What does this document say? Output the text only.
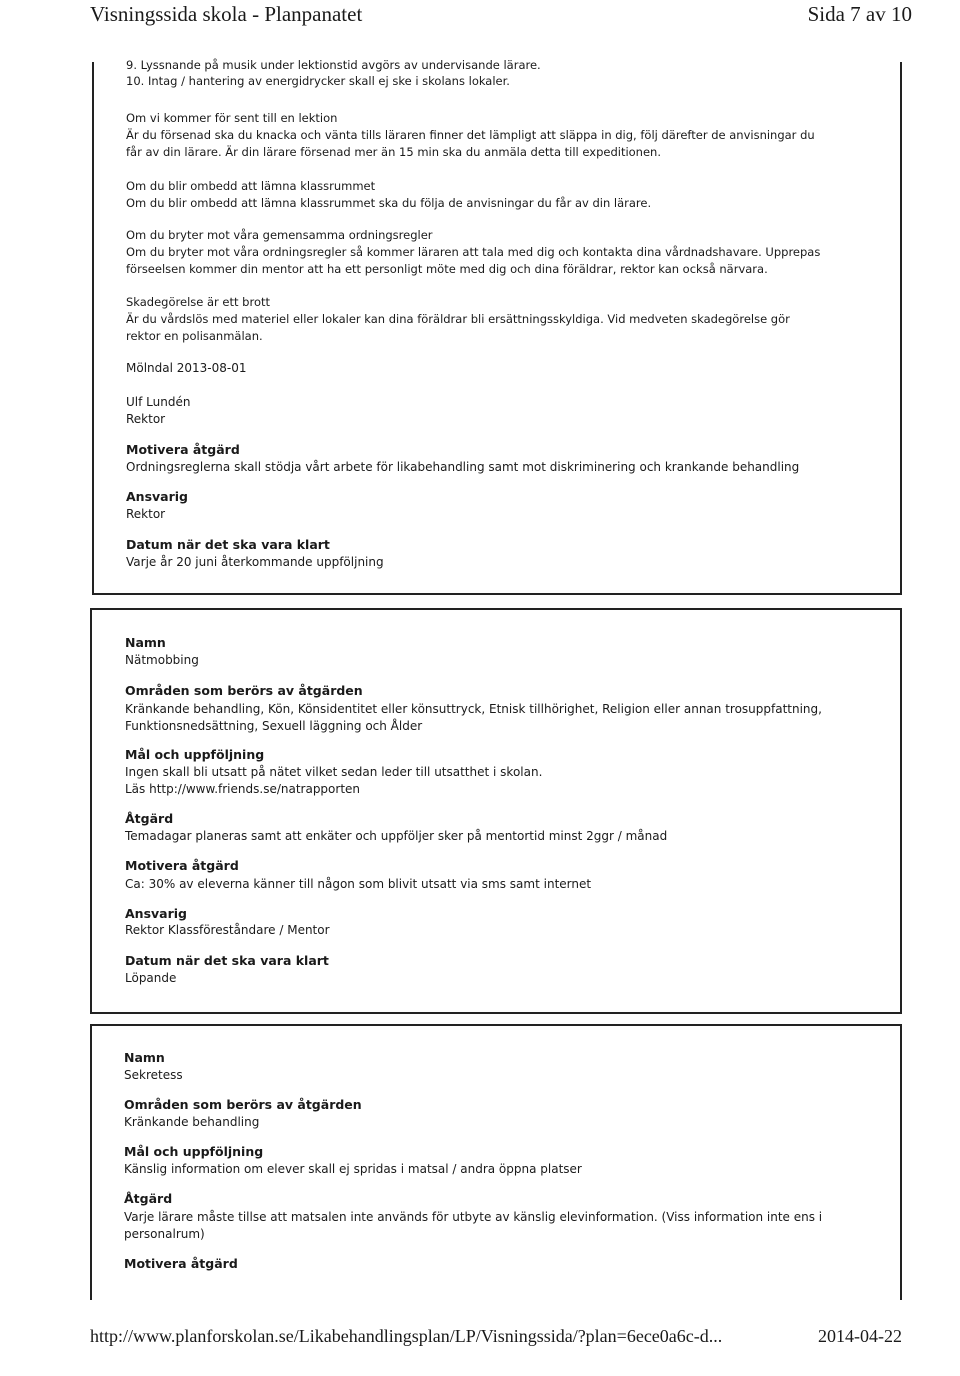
Visningssida skola - Planpanatet	Sida 7 av 10

9. Lyssnande på musik under lektionstid avgörs av undervisande lärare.

10. Intag / hantering av energidrycker skall ej ske i skolans lokaler.

Om vi kommer för sent till en lektion

Är du försenad ska du knacka och vänta tills läraren finner det lämpligt att släppa in dig, följ därefter de anvisningar du

får av din lärare. Är din lärare försenad mer än 15 min ska du anmäla detta till expeditionen.

Om du blir ombedd att lämna klassrummet

Om du blir ombedd att lämna klassrummet ska du följa de anvisningar du får av din lärare.

Om du bryter mot våra gemensamma ordningsregler

Om du bryter mot våra ordningsregler så kommer läraren att tala med dig och kontakta dina vårdnadshavare. Upprepas

förseelsen kommer din mentor att ha ett personligt möte med dig och dina föräldrar, rektor kan också närvara.

Skadegörelse är ett brott

Är du vårdslös med materiel eller lokaler kan dina föräldrar bli ersättningsskyldiga. Vid medveten skadegörelse gör

rektor en polisanmälan.

Mölndal 2013-08-01

Ulf Lundén

Rektor

Motivera åtgärd

Ordningsreglerna skall stödja vårt arbete för likabehandling samt mot diskriminering och krankande behandling

Ansvarig

Rektor

Datum när det ska vara klart

Varje år 20 juni återkommande uppföljning

Namn

Nätmobbing

Områden som berörs av åtgärden

Kränkande behandling, Kön, Könsidentitet eller könsuttryck, Etnisk tillhörighet, Religion eller annan trosuppfattning,

Funktionsnedsättning, Sexuell läggning och Ålder

Mål och uppföljning

Ingen skall bli utsatt på nätet vilket sedan leder till utsatthet i skolan.

Läs http://www.friends.se/natrapporten

Åtgärd

Temadagar planeras samt att enkäter och uppföljer sker på mentortid minst 2ggr / månad

Motivera åtgärd

Ca: 30% av eleverna känner till någon som blivit utsatt via sms samt internet

Ansvarig

Rektor Klassföreståndare / Mentor

Datum när det ska vara klart

Löpande

Namn

Sekretess

Områden som berörs av åtgärden

Kränkande behandling

Mål och uppföljning

Känslig information om elever skall ej spridas i matsal / andra öppna platser

Åtgärd

Varje lärare måste tillse att matsalen inte används för utbyte av känslig elevinformation. (Viss information inte ens i

personalrum)

Motivera åtgärd

http://www.planforskolan.se/Likabehandlingsplan/LP/Visningssida/?plan=6ece0a6c-d...	2014-04-22
